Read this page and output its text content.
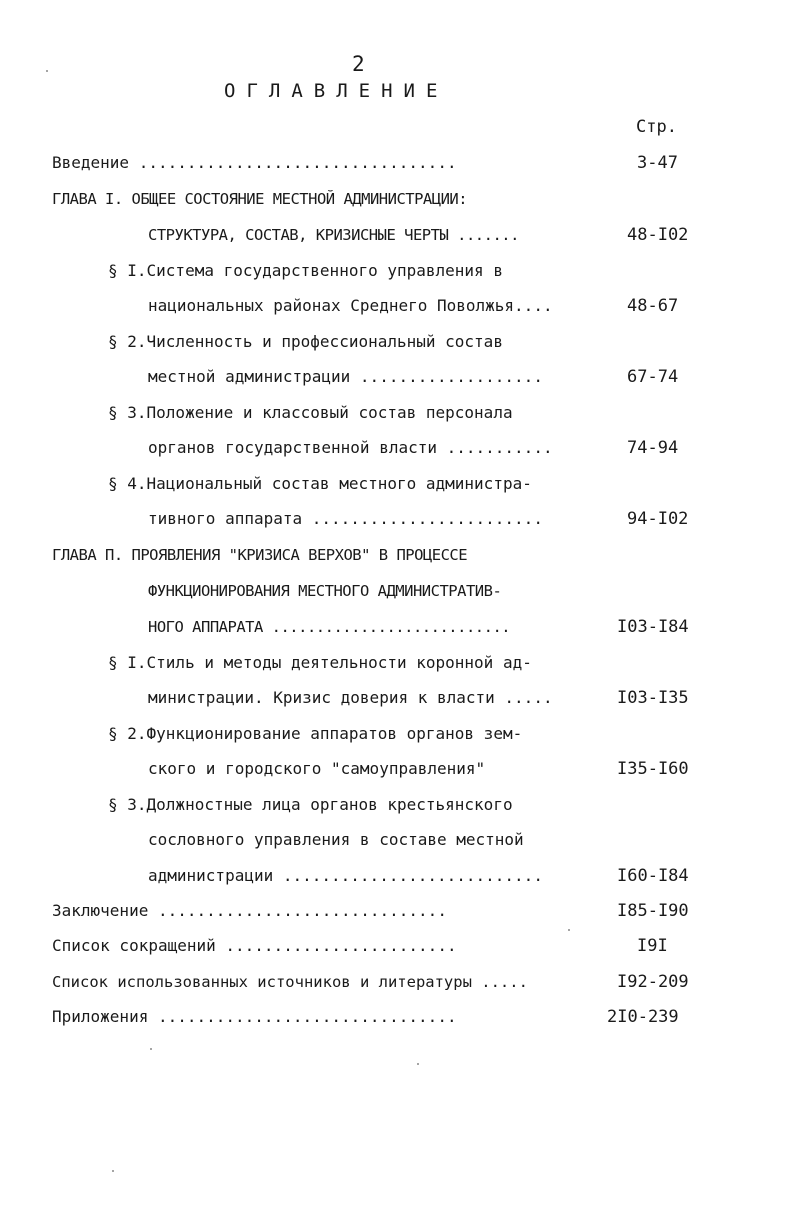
2
ОГЛАВЛЕНИЕ
Стр.
Введение .................................	3-47
ГЛАВА I. ОБЩЕЕ СОСТОЯНИЕ МЕСТНОЙ АДМИНИСТРАЦИИ:
СТРУКТУРА, СОСТАВ, КРИЗИСНЫЕ ЧЕРТЫ .......	48-I02
§ I.Система государственного управления в
национальных районах Среднего Поволжья....	48-67
§ 2.Численность и профессиональный состав
местной администрации ...................	67-74
§ 3.Положение и классовый состав персонала
органов государственной власти ...........	74-94
§ 4.Национальный состав местного администра-
тивного аппарата ........................	94-I02
ГЛАВА П. ПРОЯВЛЕНИЯ "КРИЗИСА ВЕРХОВ" В ПРОЦЕССЕ
ФУНКЦИОНИРОВАНИЯ МЕСТНОГО АДМИНИСТРАТИВ-
НОГО АППАРАТА ...........................	I03-I84
§ I.Стиль и методы деятельности коронной ад-
министрации. Кризис доверия к власти .....	I03-I35
§ 2.Функционирование аппаратов органов зем-
ского и городского "самоуправления"	I35-I60
§ 3.Должностные лица органов крестьянского
сословного управления в составе местной
администрации ...........................	I60-I84
Заключение ..............................	I85-I90
Список сокращений ........................	I9I
Список использованных источников и литературы .....	I92-209
Приложения ...............................	2I0-239
